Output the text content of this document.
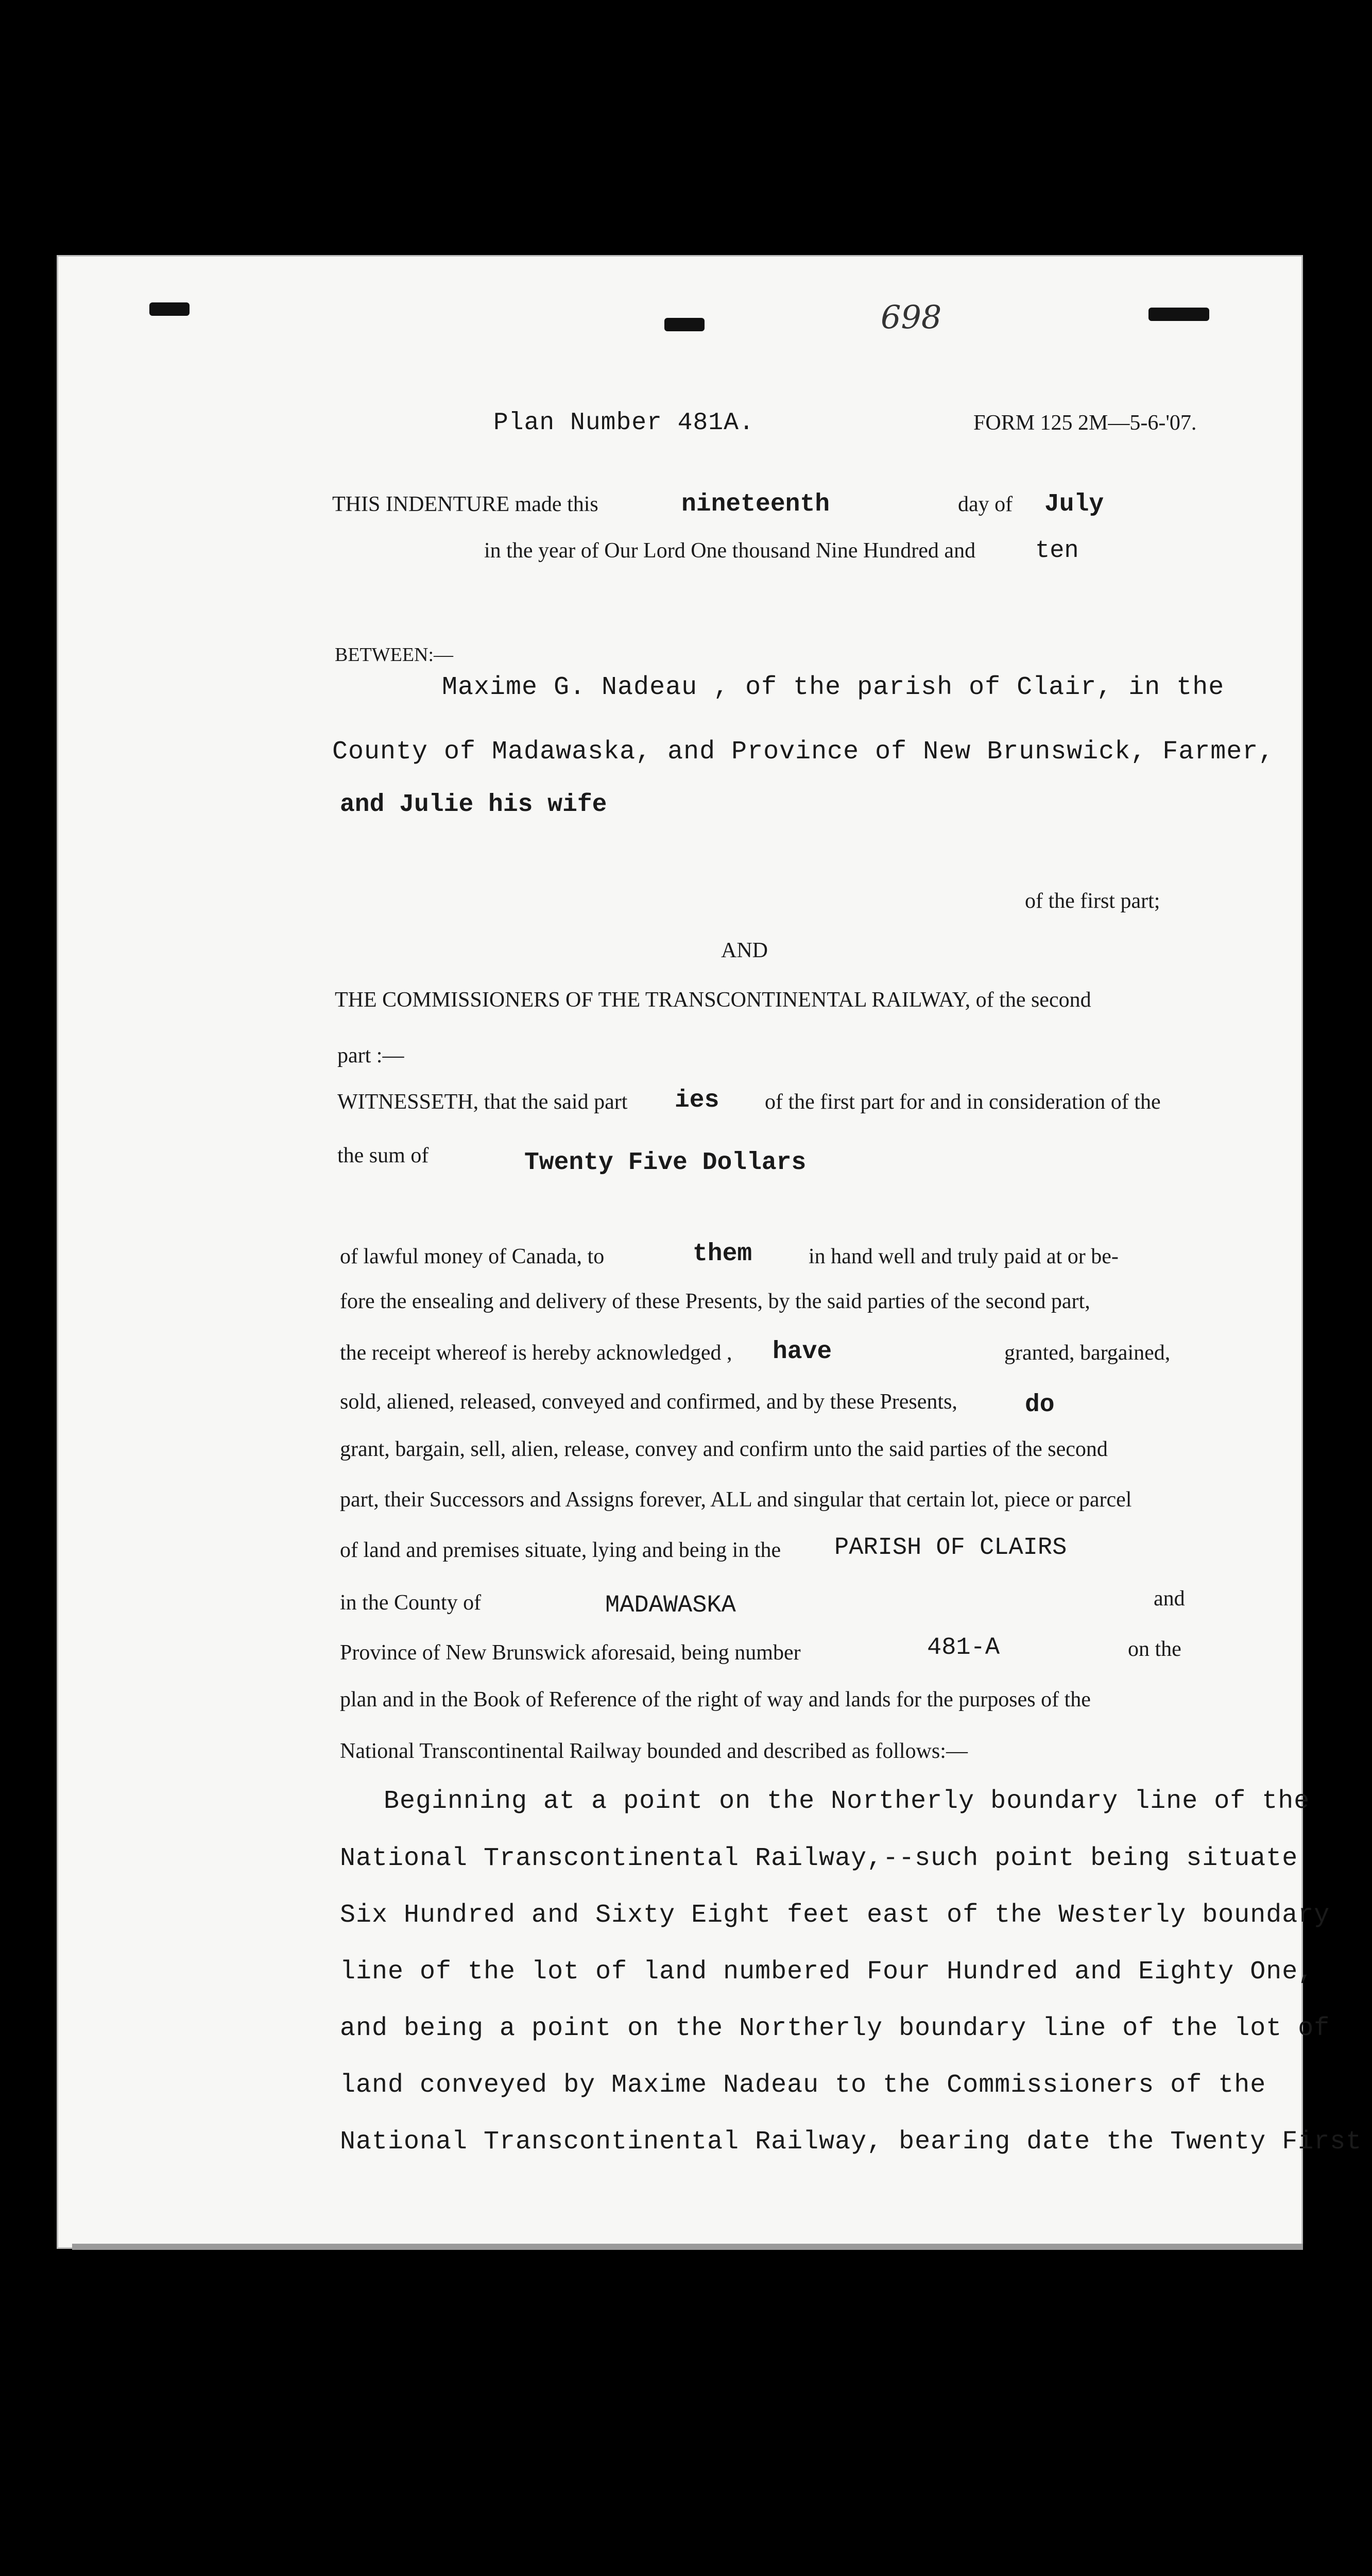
698
Plan Number 481A.	FORM 125 2M—5-6-'07.
THIS INDENTURE made this	nineteenth	day of July
in the year of Our Lord One thousand Nine Hundred and ten
BETWEEN:—
Maxime G. Nadeau , of the parish of Clair, in the
County of Madawaska, and Province of New Brunswick, Farmer,
and Julie his wife
of the first part;
AND
THE COMMISSIONERS OF THE TRANSCONTINENTAL RAILWAY, of the second
part :—
WITNESSETH, that the said part ies of the first part for and in consideration of the
the sum of	Twenty Five Dollars
of lawful money of Canada, to	them	in hand well and truly paid at or be-
fore the ensealing and delivery of these Presents, by the said parties of the second part,
the receipt whereof is hereby acknowledged , have	granted, bargained,
sold, aliened, released, conveyed and confirmed, and by these Presents,	do
grant, bargain, sell, alien, release, convey and confirm unto the said parties of the second
part, their Successors and Assigns forever, ALL and singular that certain lot, piece or parcel
of land and premises situate, lying and being in the PARISH OF CLAIRS
in the County of	MADAWASKA	and
Province of New Brunswick aforesaid, being number	481-A	on the
plan and in the Book of Reference of the right of way and lands for the purposes of the
National Transcontinental Railway bounded and described as follows:—
Beginning at a point on the Northerly boundary line of the
National Transcontinental Railway,--such point being situate
Six Hundred and Sixty Eight feet east of the Westerly boundary
line of the lot of land numbered Four Hundred and Eighty One,
and being a point on the Northerly boundary line of the lot of
land conveyed by Maxime Nadeau to the Commissioners of the
National Transcontinental Railway, bearing date the Twenty First
